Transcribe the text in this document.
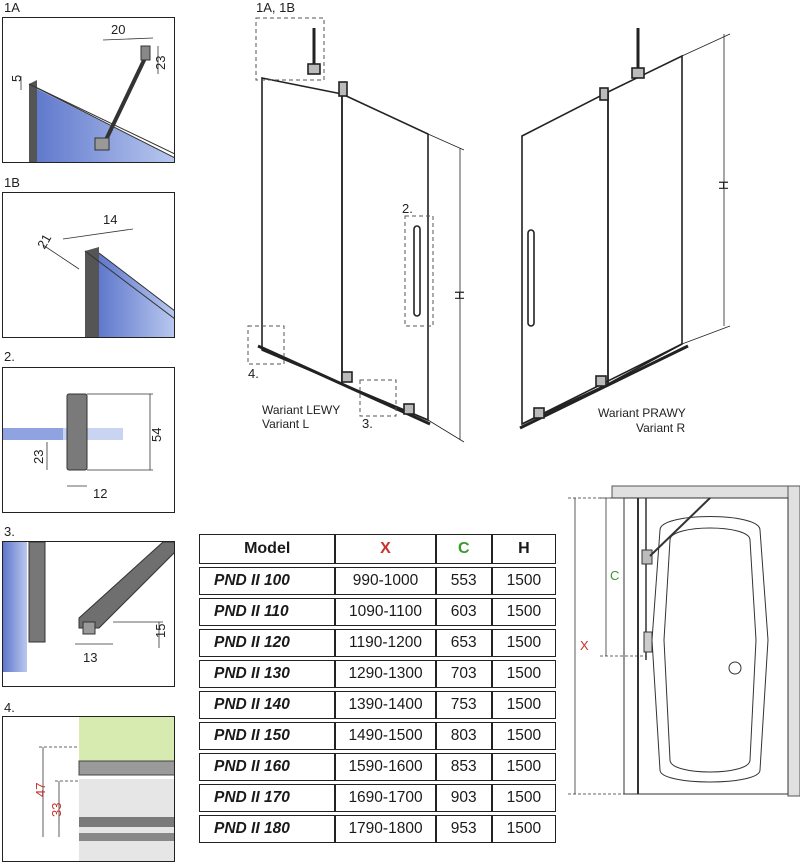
1A
20
5
23
1B
14
21
2.
54
23
12
3.
15
13
4.
47
33
1A, 1B
2.
4.
3.
H
Wariant LEWY
Variant L
H
Wariant PRAWY
Variant R
X
C
Model	X	C	H
PND II 100	990-1000	553	1500
PND II 110	1090-1100	603	1500
PND II 120	1190-1200	653	1500
PND II 130	1290-1300	703	1500
PND II 140	1390-1400	753	1500
PND II 150	1490-1500	803	1500
PND II 160	1590-1600	853	1500
PND II 170	1690-1700	903	1500
PND II 180	1790-1800	953	1500
